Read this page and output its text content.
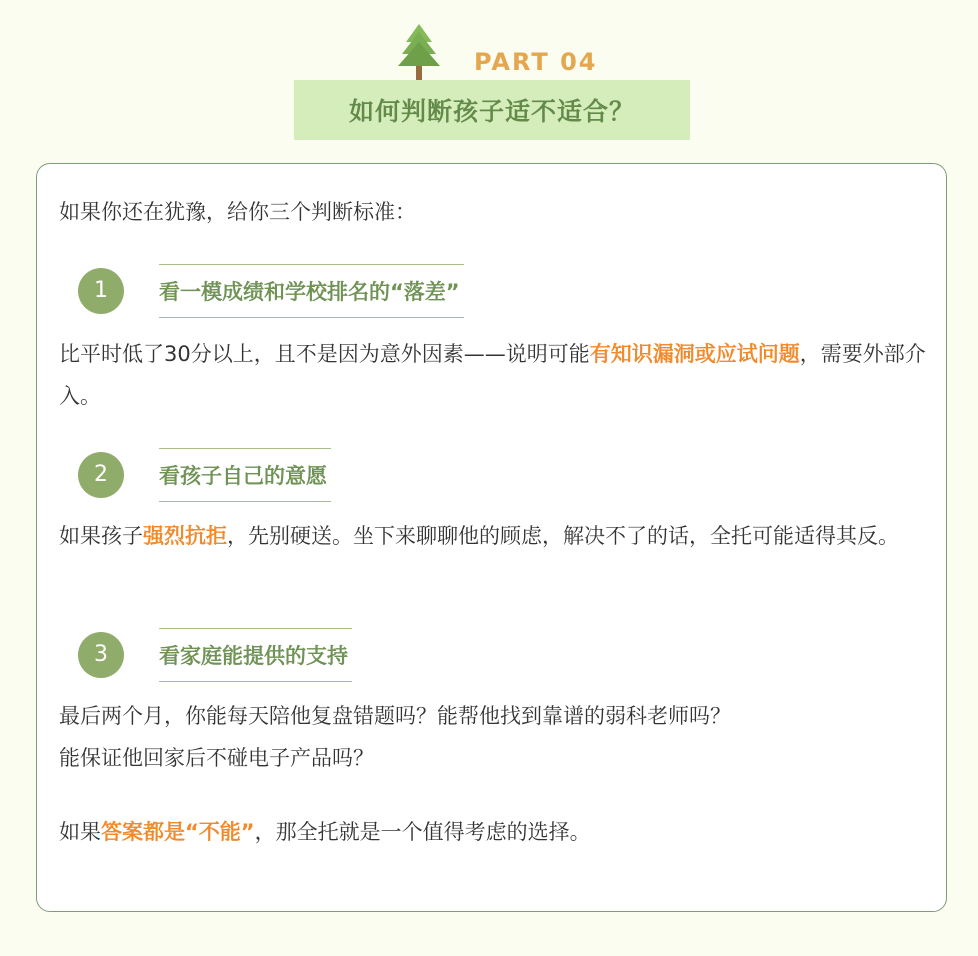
PART 04
如何判断孩子适不适合？
如果你还在犹豫，给你三个判断标准：
1	看一模成绩和学校排名的“落差”
比平时低了30分以上，且不是因为意外因素——说明可能有知识漏洞或应试问题，需要外部介入。
2	看孩子自己的意愿
如果孩子强烈抗拒，先别硬送。坐下来聊聊他的顾虑，解决不了的话，全托可能适得其反。
3	看家庭能提供的支持
最后两个月，你能每天陪他复盘错题吗？能帮他找到靠谱的弱科老师吗？
能保证他回家后不碰电子产品吗？
如果答案都是“不能”，那全托就是一个值得考虑的选择。
